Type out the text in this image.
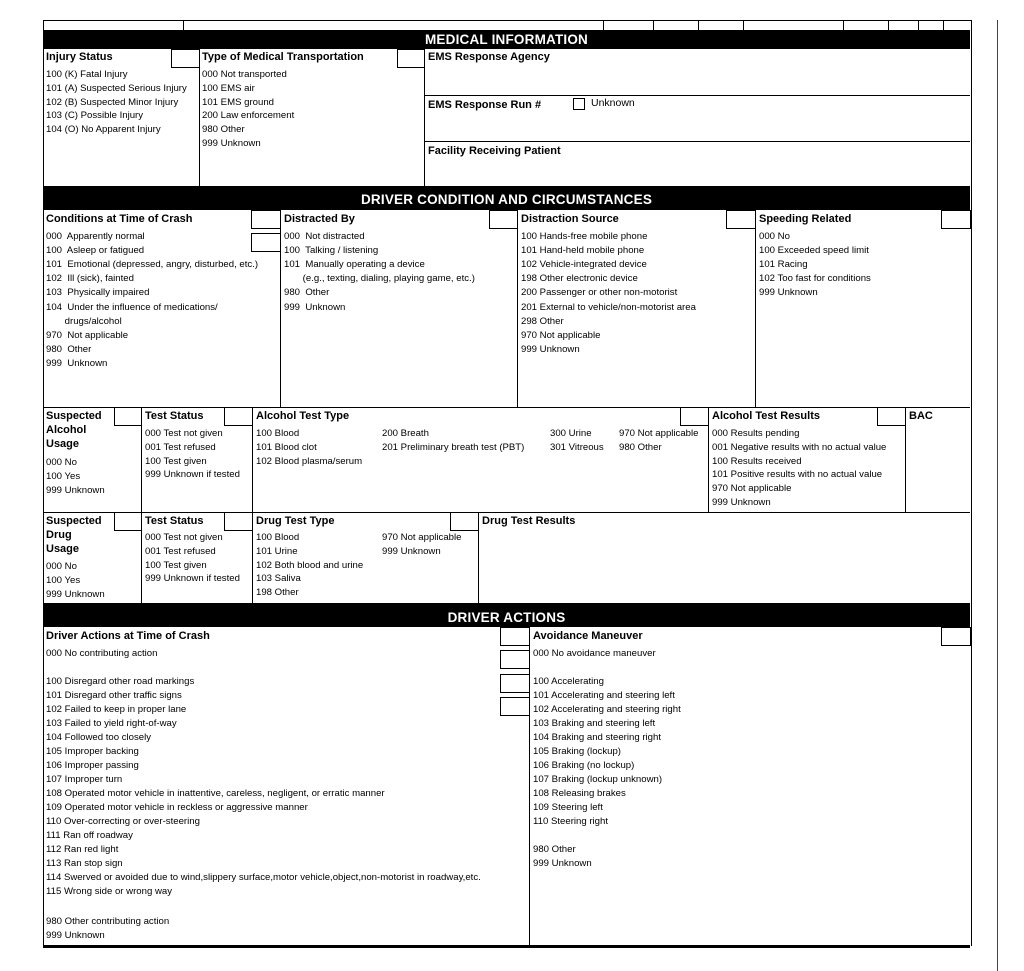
MEDICAL INFORMATION
Injury Status
100 (K) Fatal Injury
101 (A) Suspected Serious Injury
102 (B) Suspected Minor Injury
103 (C) Possible Injury
104 (O) No Apparent Injury
Type of Medical Transportation
000 Not transported
100 EMS air
101 EMS ground
200 Law enforcement
980 Other
999 Unknown
EMS Response Agency
EMS Response Run #	Unknown
Facility Receiving Patient
DRIVER CONDITION AND CIRCUMSTANCES
Conditions at Time of Crash
000  Apparently normal
100  Asleep or fatigued
101  Emotional (depressed, angry, disturbed, etc.)
102  Ill (sick), fainted
103  Physically impaired
104  Under the influence of medications/
drugs/alcohol
970  Not applicable
980  Other
999  Unknown
Distracted By
000  Not distracted
100  Talking / listening
101  Manually operating a device
(e.g., texting, dialing, playing game, etc.)
980  Other
999  Unknown
Distraction Source
100 Hands-free mobile phone
101 Hand-held mobile phone
102 Vehicle-integrated device
198 Other electronic device
200 Passenger or other non-motorist
201 External to vehicle/non-motorist area
298 Other
970 Not applicable
999 Unknown
Speeding Related
000 No
100 Exceeded speed limit
101 Racing
102 Too fast for conditions
999 Unknown
Suspected
Alcohol
Usage
000 No
100 Yes
999 Unknown
Test Status
000 Test not given
001 Test refused
100 Test given
999 Unknown if tested
Alcohol Test Type
100 Blood
101 Blood clot
102 Blood plasma/serum
200 Breath
201 Preliminary breath test (PBT)
300 Urine
301 Vitreous
970 Not applicable
980 Other
Alcohol Test Results
000 Results pending
001 Negative results with no actual value
100 Results received
101 Positive results with no actual value
970 Not applicable
999 Unknown
BAC
Suspected
Drug
Usage
000 No
100 Yes
999 Unknown
Test Status
000 Test not given
001 Test refused
100 Test given
999 Unknown if tested
Drug Test Type
100 Blood
101 Urine
102 Both blood and urine
103 Saliva
198 Other
970 Not applicable
999 Unknown
Drug Test Results
DRIVER ACTIONS
Driver Actions at Time of Crash
000 No contributing action
100 Disregard other road markings
101 Disregard other traffic signs
102 Failed to keep in proper lane
103 Failed to yield right-of-way
104 Followed too closely
105 Improper backing
106 Improper passing
107 Improper turn
108 Operated motor vehicle in inattentive, careless, negligent, or erratic manner
109 Operated motor vehicle in reckless or aggressive manner
110 Over-correcting or over-steering
111 Ran off roadway
112 Ran red light
113 Ran stop sign
114 Swerved or avoided due to wind,slippery surface,motor vehicle,object,non-motorist in roadway,etc.
115 Wrong side or wrong way
980 Other contributing action
999 Unknown
Avoidance Maneuver
000 No avoidance maneuver
100 Accelerating
101 Accelerating and steering left
102 Accelerating and steering right
103 Braking and steering left
104 Braking and steering right
105 Braking (lockup)
106 Braking (no lockup)
107 Braking (lockup unknown)
108 Releasing brakes
109 Steering left
110 Steering right
980 Other
999 Unknown
